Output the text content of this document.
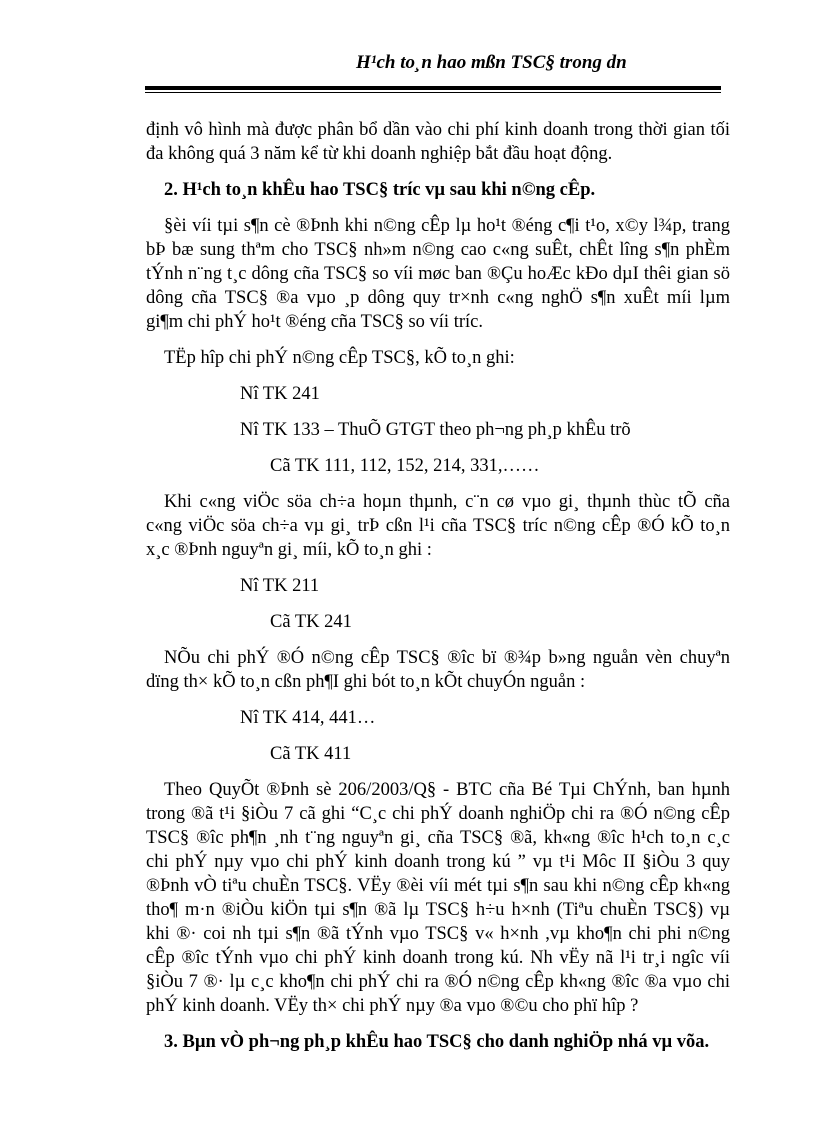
H¹ch to¸n hao mßn TSC§ trong dn

định vô hình mà được phân bổ dần vào chi phí kinh doanh trong thời gian tối

đa không quá 3 năm kể từ khi doanh nghiệp bắt đầu hoạt động.

2. H¹ch to¸n khÊu hao TSC§ tríc vµ sau khi n©ng cÊp.

§èi víi tµi s¶n cè ®Þnh khi n©ng cÊp lµ ho¹t ®éng c¶i t¹o, x©y l¾p, trang

bÞ bæ sung thªm cho TSC§ nh»m n©ng cao c«ng suÊt, chÊt lîng s¶n phÈm

tÝnh n¨ng t¸c dông cña TSC§ so víi møc ban ®Çu hoÆc kÐo dµI thêi gian sö

dông cña TSC§ ®a vµo ¸p dông quy tr×nh c«ng nghÖ s¶n xuÊt míi lµm

gi¶m chi phÝ ho¹t ®éng cña TSC§ so víi tríc.

TËp hîp chi phÝ n©ng cÊp TSC§, kÕ to¸n ghi:

Nî TK 241

Nî TK 133 – ThuÕ GTGT theo ph¬ng ph¸p khÊu trõ

Cã TK 111, 112, 152, 214, 331,……

Khi c«ng viÖc söa ch÷a hoµn thµnh, c¨n cø vµo gi¸ thµnh thùc tÕ cña

c«ng viÖc söa ch÷a vµ gi¸ trÞ cßn l¹i cña TSC§ tríc n©ng cÊp ®Ó kÕ to¸n

x¸c ®Þnh nguyªn gi¸ míi, kÕ to¸n ghi :

Nî TK 211

Cã TK 241

NÕu chi phÝ ®Ó n©ng cÊp TSC§ ®îc bï ®¾p b»ng nguån vèn chuyªn

dïng th× kÕ to¸n cßn ph¶I ghi bót to¸n kÕt chuyÓn nguån :

Nî TK 414, 441…

Cã TK 411

Theo QuyÕt ®Þnh sè 206/2003/Q§ - BTC cña Bé Tµi ChÝnh, ban hµnh

trong ®ã t¹i §iÒu 7 cã ghi “C¸c chi phÝ doanh nghiÖp chi ra ®Ó n©ng cÊp

TSC§ ®îc ph¶n ¸nh t¨ng nguyªn gi¸ cña TSC§ ®ã, kh«ng ®îc h¹ch to¸n c¸c

chi phÝ nµy vµo chi phÝ kinh doanh trong kú ” vµ t¹i Môc II §iÒu 3 quy

®Þnh vÒ tiªu chuÈn TSC§. VËy ®èi víi mét tµi s¶n sau khi n©ng cÊp kh«ng

tho¶ m·n ®iÒu kiÖn tµi s¶n ®ã lµ TSC§ h÷u h×nh (Tiªu chuÈn TSC§) vµ

khi ®· coi nh tµi s¶n ®ã tÝnh vµo TSC§ v« h×nh ,vµ kho¶n chi phi n©ng

cÊp ®îc tÝnh vµo chi phÝ kinh doanh trong kú. Nh vËy nã l¹i tr¸i ngîc víi

§iÒu 7 ®· lµ c¸c kho¶n chi phÝ chi ra ®Ó n©ng cÊp kh«ng ®îc ®a vµo chi

phÝ kinh doanh. VËy th× chi phÝ nµy ®a vµo ®©u cho phï hîp ?

3. Bµn vÒ ph¬ng ph¸p khÊu hao TSC§ cho danh nghiÖp nhá vµ võa.
